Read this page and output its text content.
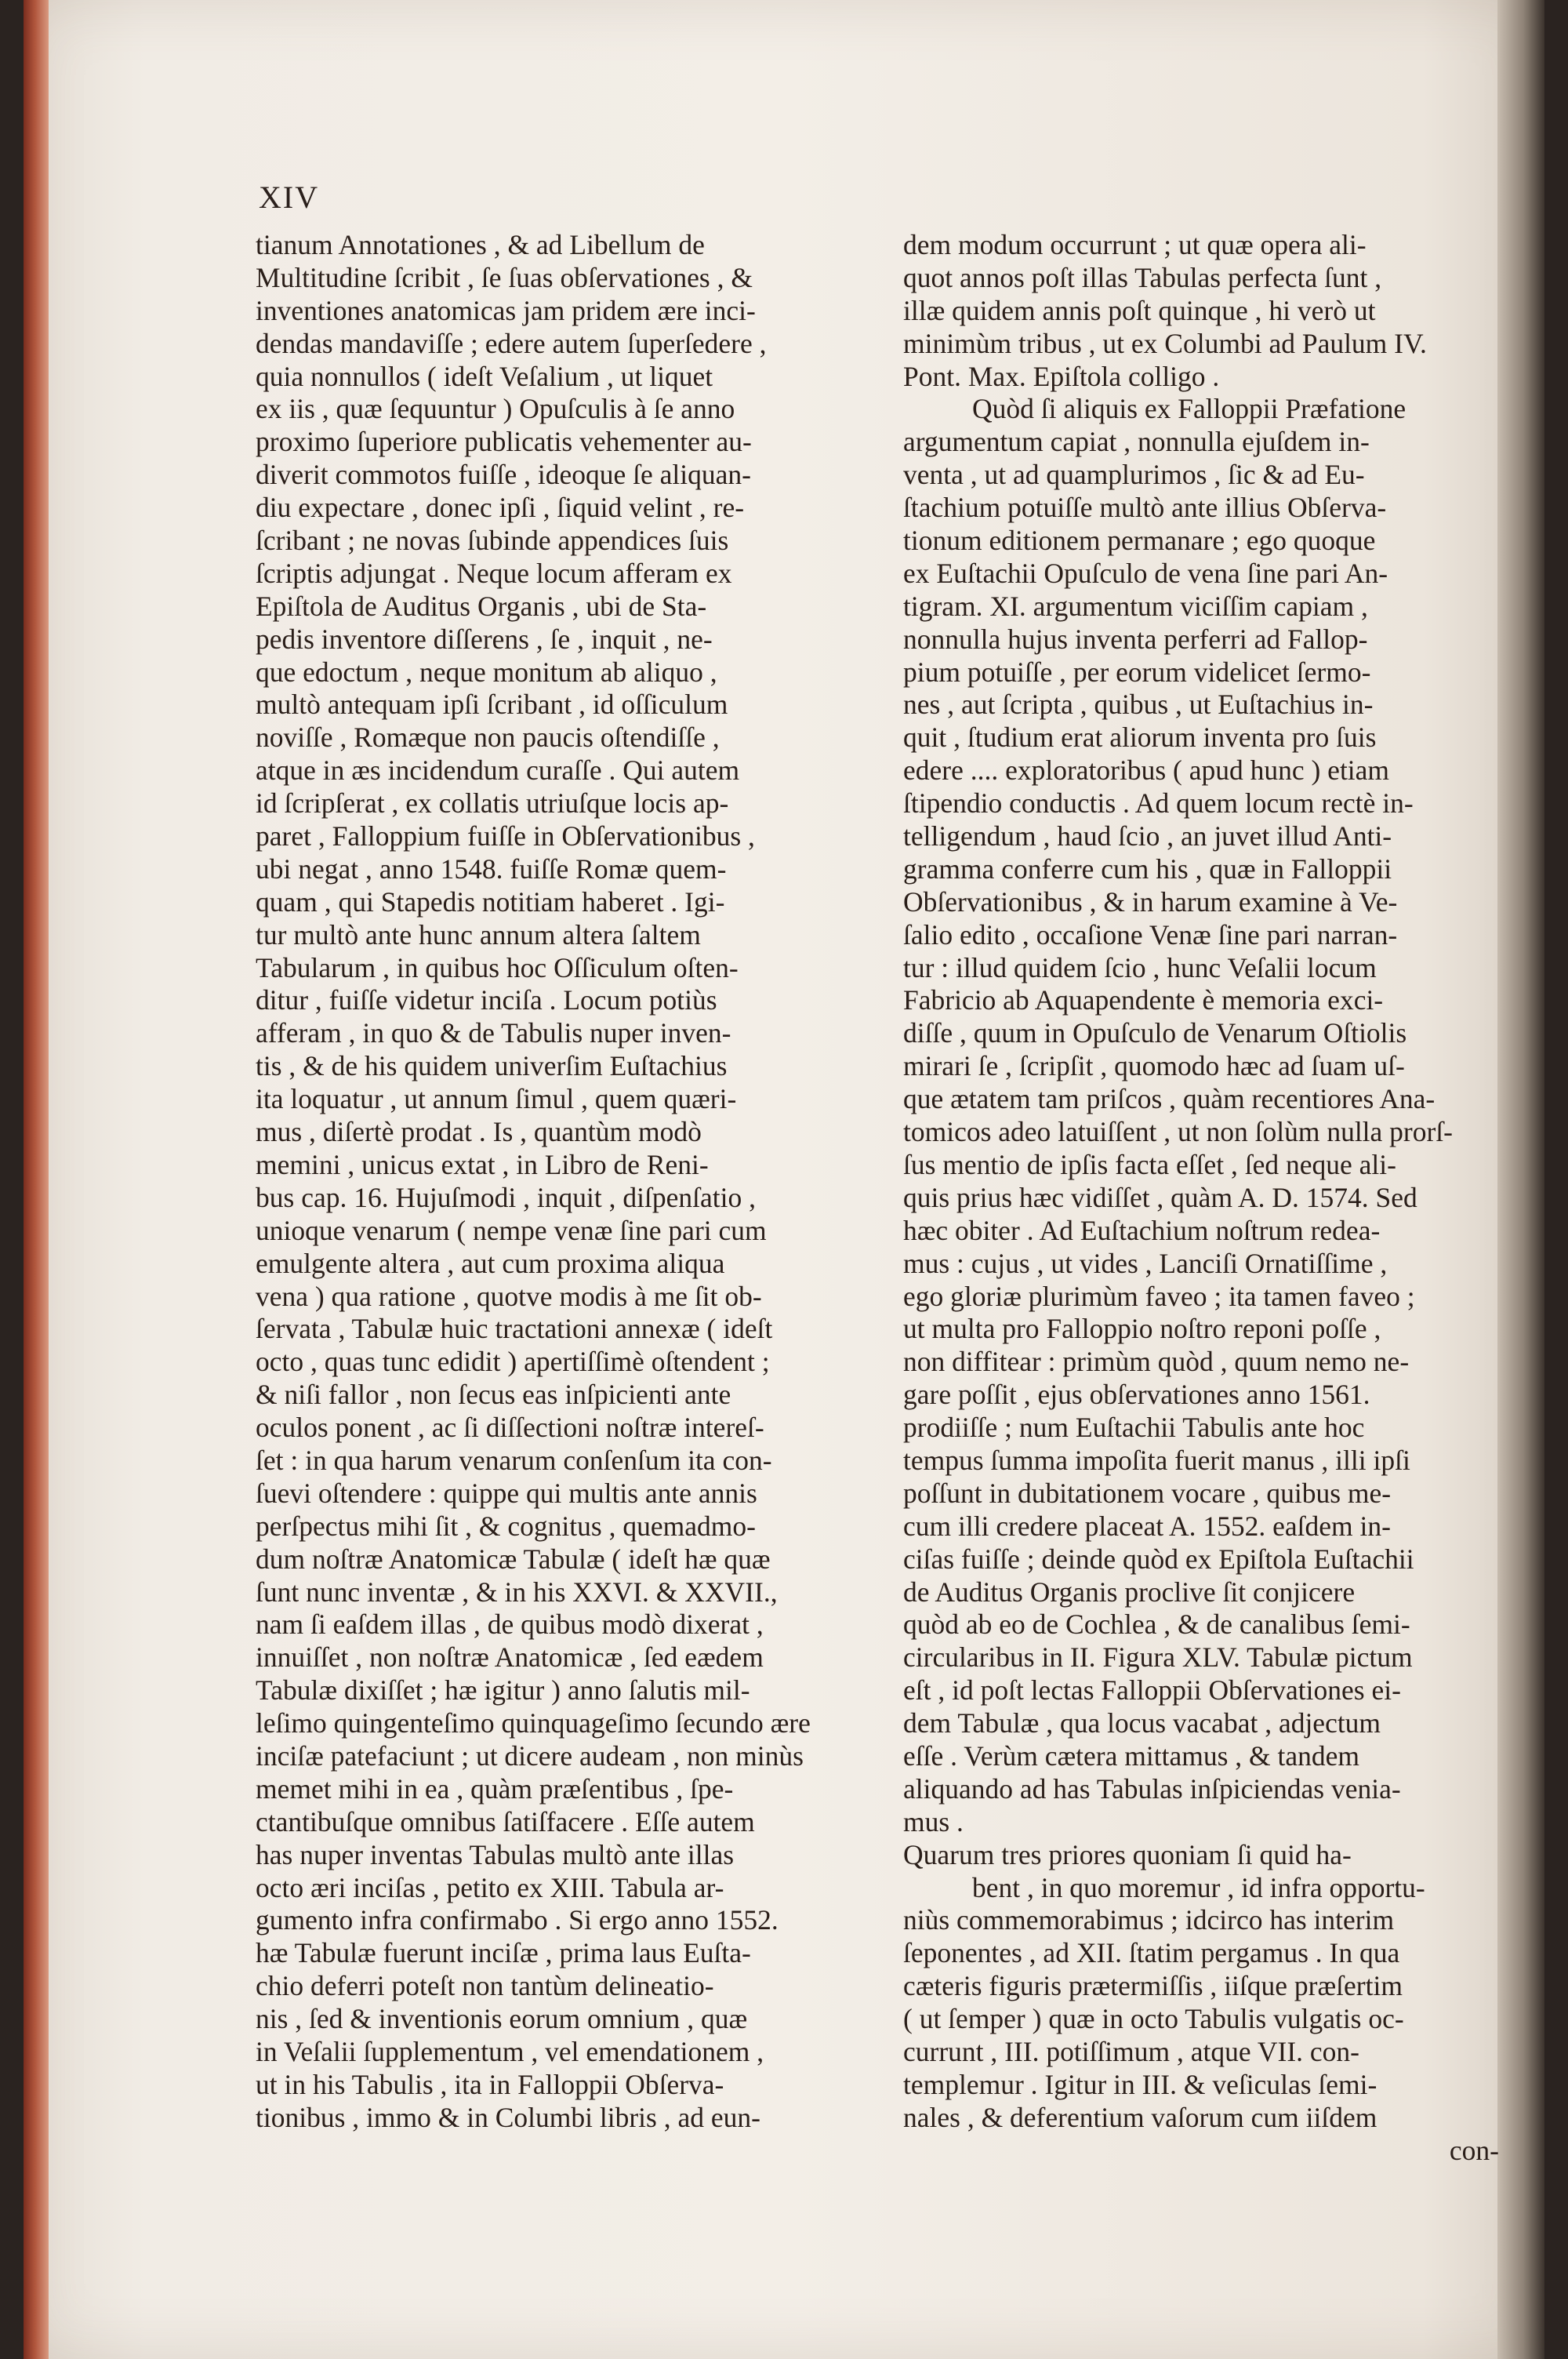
XIV
tianum Annotationes , & ad Libellum de
Multitudine ſcribit , ſe ſuas obſervationes , &
inventiones anatomicas jam pridem ære inci-
dendas mandaviſſe ; edere autem ſuperſedere ,
quia nonnullos ( ideſt Veſalium , ut liquet
ex iis , quæ ſequuntur ) Opuſculis à ſe anno
proximo ſuperiore publicatis vehementer au-
diverit commotos fuiſſe , ideoque ſe aliquan-
diu expectare , donec ipſi , ſiquid velint , re-
ſcribant ; ne novas ſubinde appendices ſuis
ſcriptis adjungat . Neque locum afferam ex
Epiſtola de Auditus Organis , ubi de Sta-
pedis inventore diſſerens , ſe , inquit , ne-
que edoctum , neque monitum ab aliquo ,
multò antequam ipſi ſcribant , id oſſiculum
noviſſe , Romæque non paucis oſtendiſſe ,
atque in æs incidendum curaſſe . Qui autem
id ſcripſerat , ex collatis utriuſque locis ap-
paret , Falloppium fuiſſe in Obſervationibus ,
ubi negat , anno 1548. fuiſſe Romæ quem-
quam , qui Stapedis notitiam haberet . Igi-
tur multò ante hunc annum altera ſaltem
Tabularum , in quibus hoc Oſſiculum oſten-
ditur , fuiſſe videtur inciſa . Locum potiùs
afferam , in quo & de Tabulis nuper inven-
tis , & de his quidem univerſim Euſtachius
ita loquatur , ut annum ſimul , quem quæri-
mus , diſertè prodat . Is , quantùm modò
memini , unicus extat , in Libro de Reni-
bus cap. 16. Hujuſmodi , inquit , diſpenſatio ,
unioque venarum ( nempe venæ ſine pari cum
emulgente altera , aut cum proxima aliqua
vena ) qua ratione , quotve modis à me ſit ob-
ſervata , Tabulæ huic tractationi annexæ ( ideſt
octo , quas tunc edidit ) apertiſſimè oſtendent ;
& niſi fallor , non ſecus eas inſpicienti ante
oculos ponent , ac ſi diſſectioni noſtræ intereſ-
ſet : in qua harum venarum conſenſum ita con-
ſuevi oſtendere : quippe qui multis ante annis
perſpectus mihi ſit , & cognitus , quemadmo-
dum noſtræ Anatomicæ Tabulæ ( ideſt hæ quæ
ſunt nunc inventæ , & in his XXVI. & XXVII.,
nam ſi eaſdem illas , de quibus modò dixerat ,
innuiſſet , non noſtræ Anatomicæ , ſed eædem
Tabulæ dixiſſet ; hæ igitur ) anno ſalutis mil-
leſimo quingenteſimo quinquageſimo ſecundo ære
inciſæ patefaciunt ; ut dicere audeam , non minùs
memet mihi in ea , quàm præſentibus , ſpe-
ctantibuſque omnibus ſatiſfacere . Eſſe autem
has nuper inventas Tabulas multò ante illas
octo æri inciſas , petito ex XIII. Tabula ar-
gumento infra confirmabo . Si ergo anno 1552.
hæ Tabulæ fuerunt inciſæ , prima laus Euſta-
chio deferri poteſt non tantùm delineatio-
nis , ſed & inventionis eorum omnium , quæ
in Veſalii ſupplementum , vel emendationem ,
ut in his Tabulis , ita in Falloppii Obſerva-
tionibus , immo & in Columbi libris , ad eun-
dem modum occurrunt ; ut quæ opera ali-
quot annos poſt illas Tabulas perfecta ſunt ,
illæ quidem annis poſt quinque , hi verò ut
minimùm tribus , ut ex Columbi ad Paulum IV.
Pont. Max. Epiſtola colligo .
Quòd ſi aliquis ex Falloppii Præfatione
argumentum capiat , nonnulla ejuſdem in-
venta , ut ad quamplurimos , ſic & ad Eu-
ſtachium potuiſſe multò ante illius Obſerva-
tionum editionem permanare ; ego quoque
ex Euſtachii Opuſculo de vena ſine pari An-
tigram. XI. argumentum viciſſim capiam ,
nonnulla hujus inventa perferri ad Fallop-
pium potuiſſe , per eorum videlicet ſermo-
nes , aut ſcripta , quibus , ut Euſtachius in-
quit , ſtudium erat aliorum inventa pro ſuis
edere .... exploratoribus ( apud hunc ) etiam
ſtipendio conductis . Ad quem locum rectè in-
telligendum , haud ſcio , an juvet illud Anti-
gramma conferre cum his , quæ in Falloppii
Obſervationibus , & in harum examine à Ve-
ſalio edito , occaſione Venæ ſine pari narran-
tur : illud quidem ſcio , hunc Veſalii locum
Fabricio ab Aquapendente è memoria exci-
diſſe , quum in Opuſculo de Venarum Oſtiolis
mirari ſe , ſcripſit , quomodo hæc ad ſuam uſ-
que ætatem tam priſcos , quàm recentiores Ana-
tomicos adeo latuiſſent , ut non ſolùm nulla prorſ-
ſus mentio de ipſis facta eſſet , ſed neque ali-
quis prius hæc vidiſſet , quàm A. D. 1574. Sed
hæc obiter . Ad Euſtachium noſtrum redea-
mus : cujus , ut vides , Lanciſi Ornatiſſime ,
ego gloriæ plurimùm faveo ; ita tamen faveo ;
ut multa pro Falloppio noſtro reponi poſſe ,
non diffitear : primùm quòd , quum nemo ne-
gare poſſit , ejus obſervationes anno 1561.
prodiiſſe ; num Euſtachii Tabulis ante hoc
tempus ſumma impoſita fuerit manus , illi ipſi
poſſunt in dubitationem vocare , quibus me-
cum illi credere placeat A. 1552. eaſdem in-
ciſas fuiſſe ; deinde quòd ex Epiſtola Euſtachii
de Auditus Organis proclive ſit conjicere
quòd ab eo de Cochlea , & de canalibus ſemi-
circularibus in II. Figura XLV. Tabulæ pictum
eſt , id poſt lectas Falloppii Obſervationes ei-
dem Tabulæ , qua locus vacabat , adjectum
eſſe . Verùm cætera mittamus , & tandem
aliquando ad has Tabulas inſpiciendas venia-
mus .
Quarum tres priores quoniam ſi quid ha-
bent , in quo moremur , id infra opportu-
niùs commemorabimus ; idcirco has interim
ſeponentes , ad XII. ſtatim pergamus . In qua
cæteris figuris prætermiſſis , iiſque præſertim
( ut ſemper ) quæ in octo Tabulis vulgatis oc-
currunt , III. potiſſimum , atque VII. con-
templemur . Igitur in III. & veſiculas ſemi-
nales , & deferentium vaſorum cum iiſdem
con-
